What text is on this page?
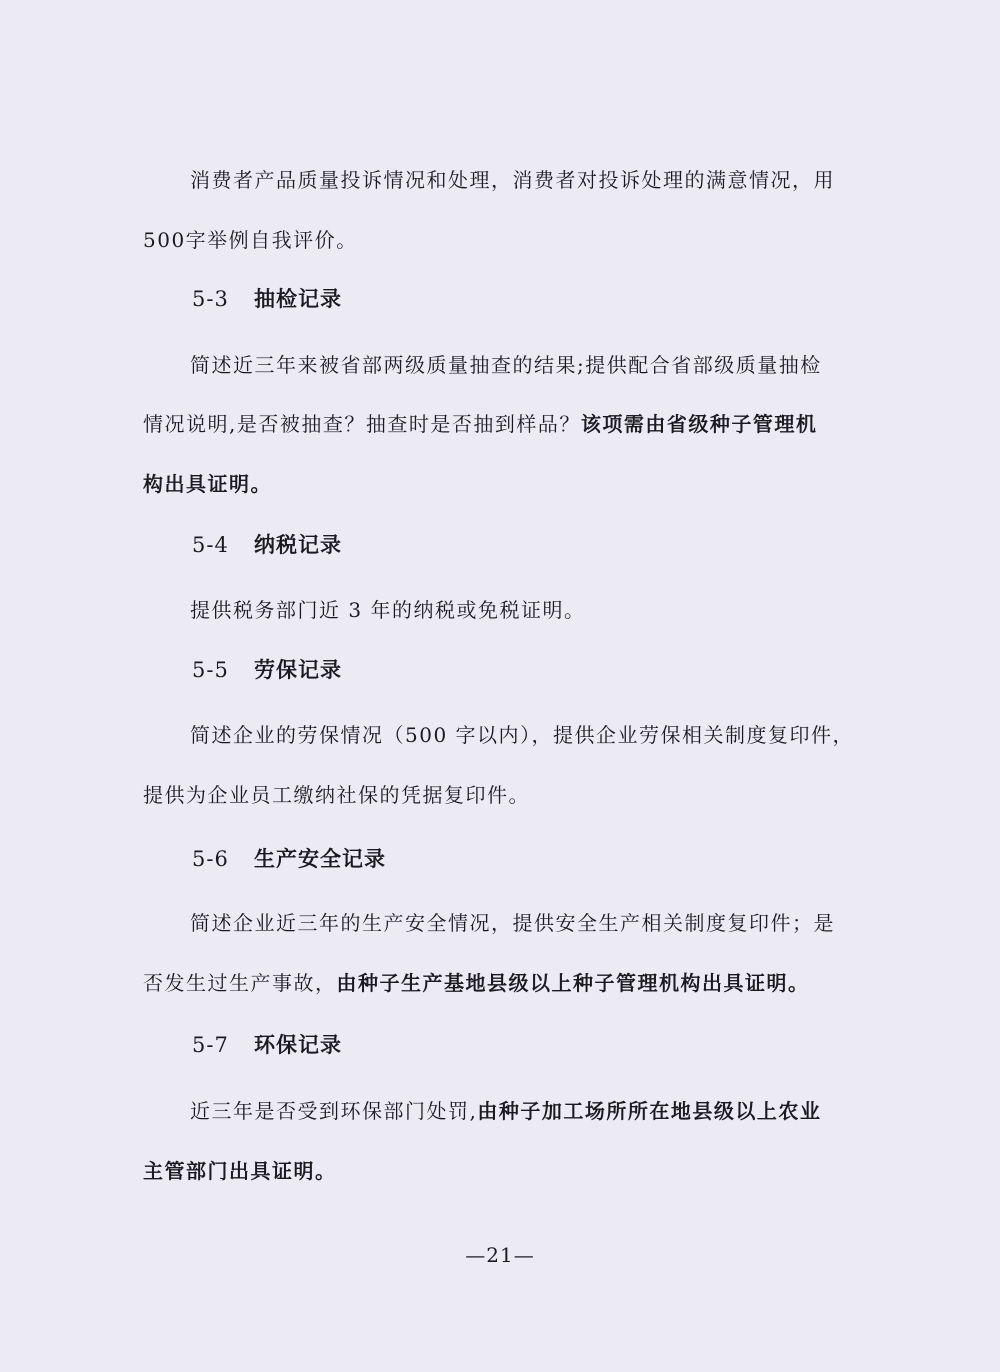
消费者产品质量投诉情况和处理，消费者对投诉处理的满意情况，用

500字举例自我评价。

5-3 抽检记录

简述近三年来被省部两级质量抽查的结果;提供配合省部级质量抽检

情况说明,是否被抽查？抽查时是否抽到样品？该项需由省级种子管理机

构出具证明。

5-4 纳税记录

提供税务部门近 3 年的纳税或免税证明。

5-5 劳保记录

简述企业的劳保情况（500 字以内），提供企业劳保相关制度复印件，

提供为企业员工缴纳社保的凭据复印件。

5-6 生产安全记录

简述企业近三年的生产安全情况，提供安全生产相关制度复印件；是

否发生过生产事故，由种子生产基地县级以上种子管理机构出具证明。

5-7 环保记录

近三年是否受到环保部门处罚,由种子加工场所所在地县级以上农业

主管部门出具证明。

—21—
